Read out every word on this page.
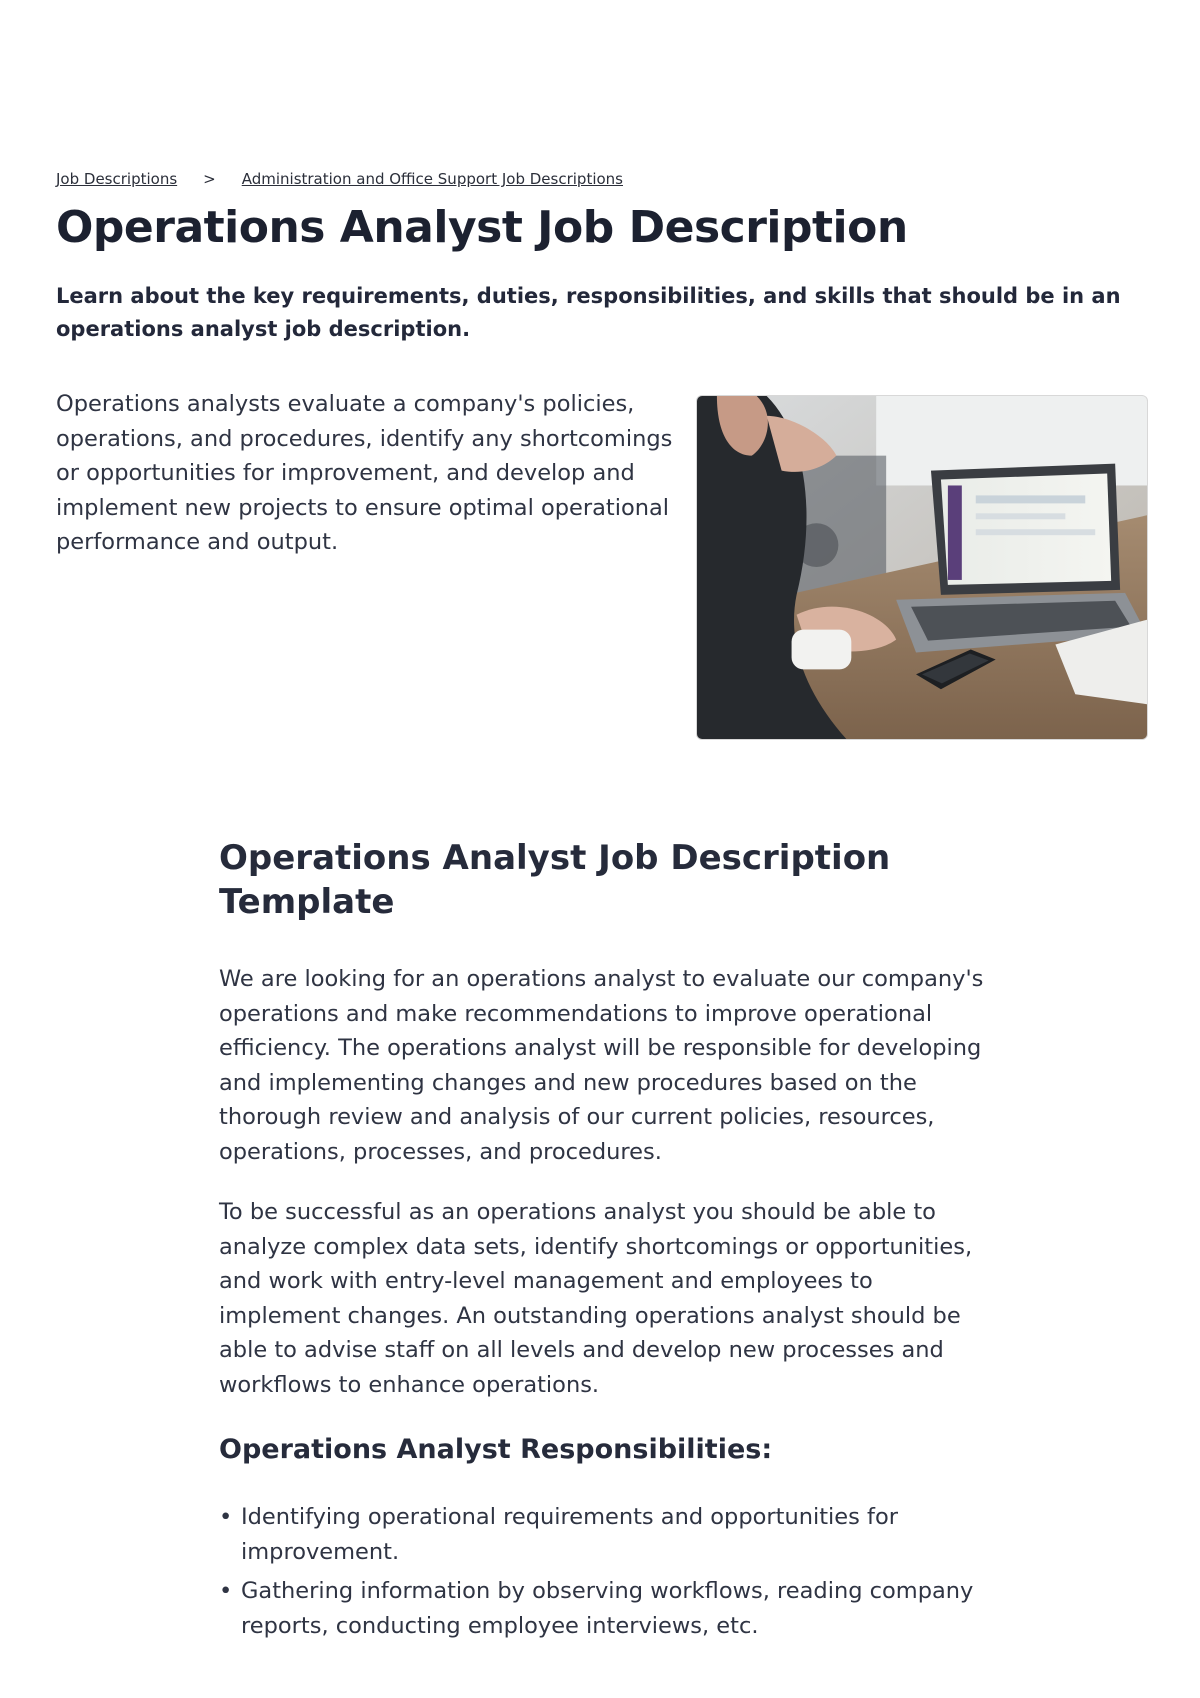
Job Descriptions > Administration and Office Support Job Descriptions
Operations Analyst Job Description

Learn about the key requirements, duties, responsibilities, and skills that should be in an operations analyst job description.

Operations analysts evaluate a company's policies, operations, and procedures, identify any shortcomings or opportunities for improvement, and develop and implement new projects to ensure optimal operational performance and output.

Operations Analyst Job Description Template

We are looking for an operations analyst to evaluate our company's operations and make recommendations to improve operational efficiency. The operations analyst will be responsible for developing and implementing changes and new procedures based on the thorough review and analysis of our current policies, resources, operations, processes, and procedures.

To be successful as an operations analyst you should be able to analyze complex data sets, identify shortcomings or opportunities, and work with entry-level management and employees to implement changes. An outstanding operations analyst should be able to advise staff on all levels and develop new processes and workflows to enhance operations.

Operations Analyst Responsibilities:
• Identifying operational requirements and opportunities for improvement.
• Gathering information by observing workflows, reading company reports, conducting employee interviews, etc.
